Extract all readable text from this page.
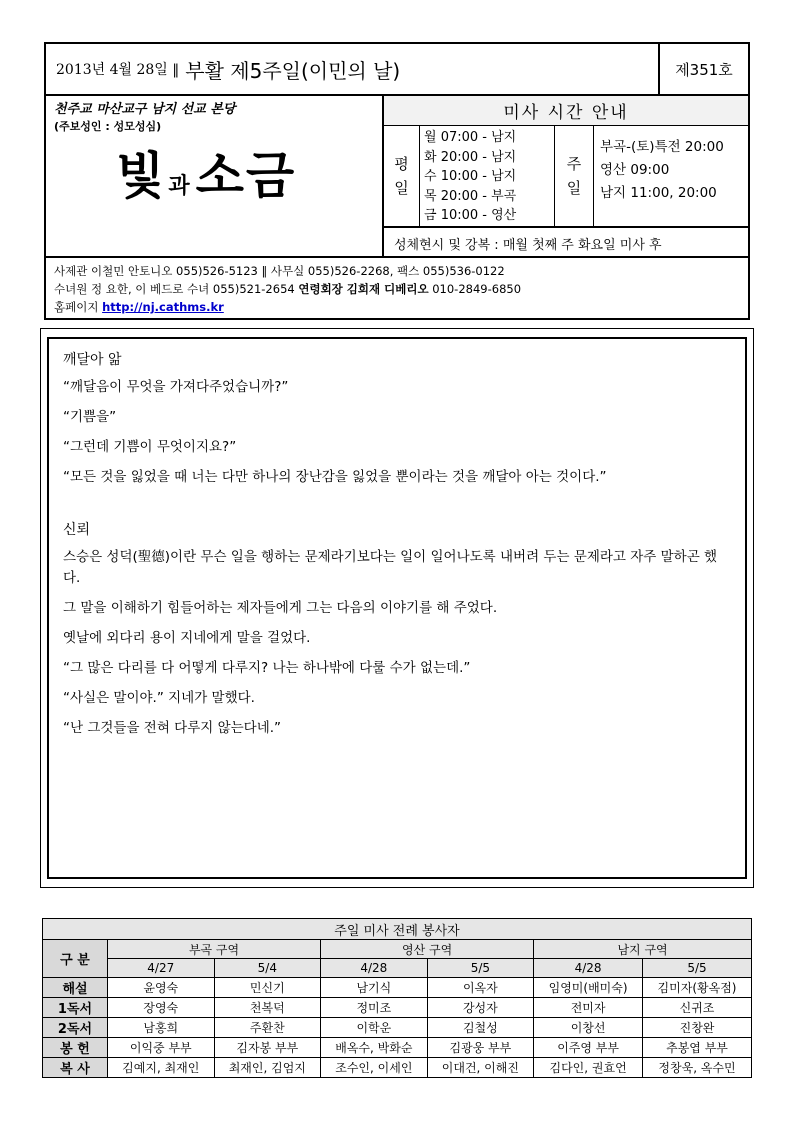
2013년 4월 28일 ‖ 부활 제5주일(이민의 날)	제351호
천주교 마산교구 남지 선교 본당
(주보성인 : 성모성심)
빛 과 소금
미사 시간 안내
평
일
월 07:00 - 남지
화 20:00 - 남지
수 10:00 - 남지
목 20:00 - 부곡
금 10:00 - 영산
주
일
부곡-(토)특전 20:00
영산 09:00
남지 11:00, 20:00
성체현시 및 강복 : 매월 첫째 주 화요일 미사 후
사제관 이철민 안토니오 055)526-5123 ‖ 사무실 055)526-2268, 팩스 055)536-0122
수녀원 정 요한, 이 베드로 수녀 055)521-2654 연령회장 김희재 디베리오 010-2849-6850
홈페이지 http://nj.cathms.kr
깨달아 앎
“깨달음이 무엇을 가져다주었습니까?”
“기쁨을”
“그런데 기쁨이 무엇이지요?”
“모든 것을 잃었을 때 너는 다만 하나의 장난감을 잃었을 뿐이라는 것을 깨달아 아는 것이다.”
신뢰
스승은 성덕(聖德)이란 무슨 일을 행하는 문제라기보다는 일이 일어나도록 내버려 두는 문제라고 자주 말하곤 했다.
그 말을 이해하기 힘들어하는 제자들에게 그는 다음의 이야기를 해 주었다.
옛날에 외다리 용이 지네에게 말을 걸었다.
“그 많은 다리를 다 어떻게 다루지? 나는 하나밖에 다룰 수가 없는데.”
“사실은 말이야.” 지네가 말했다.
“난 그것들을 전혀 다루지 않는다네.”
주일 미사 전례 봉사자						
구 분	부곡 구역		영산 구역		남지 구역	
	4/27	5/4	4/28	5/5	4/28	5/5
해설	윤영숙	민신기	남기식	이옥자	임영미(배미숙)	김미자(황옥점)
1독서	장영숙	천복덕	정미조	강성자	전미자	신귀조
2독서	남홍희	주환찬	이학운	김철성	이창선	진창완
봉 헌	이익중 부부	김자봉 부부	배옥수, 박화순	김광웅 부부	이주영 부부	추봉엽 부부
복 사	김예지, 최재인	최재인, 김엄지	조수인, 이세인	이대건, 이해진	김다인, 권효언	정창욱, 옥수민
